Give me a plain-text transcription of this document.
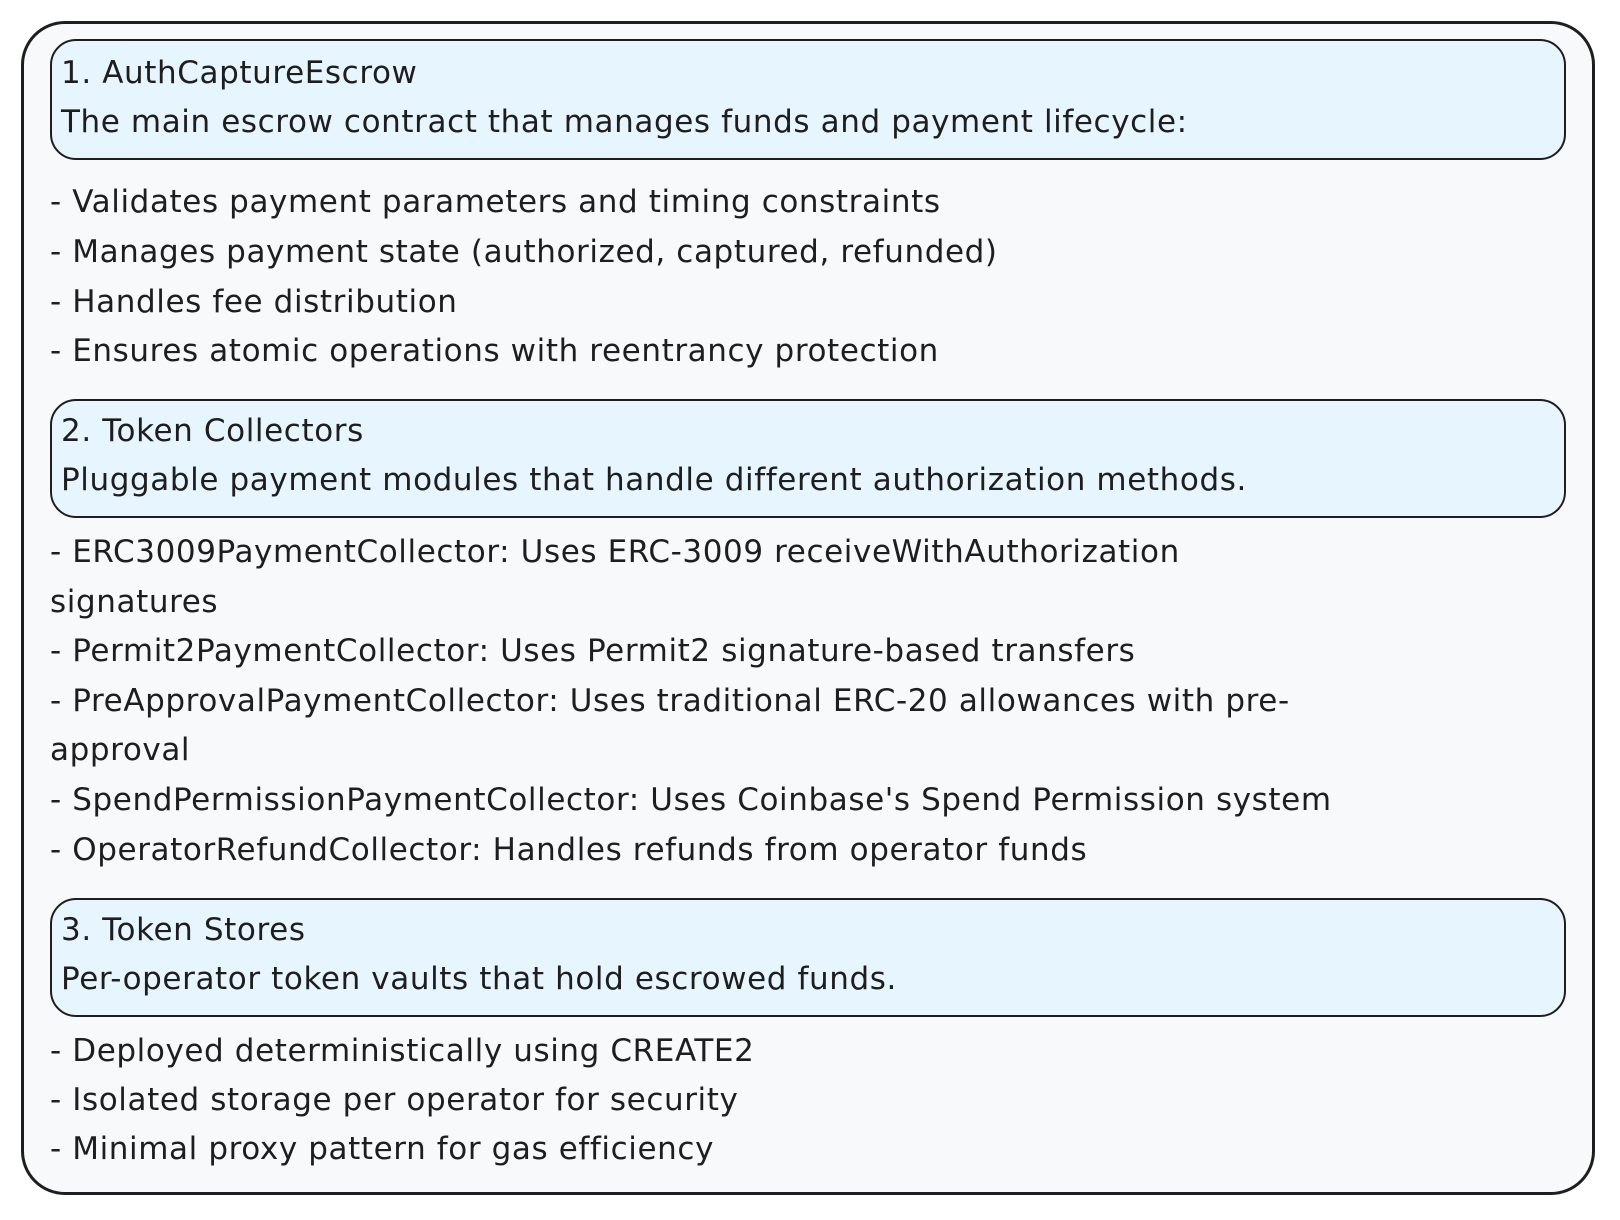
1. AuthCaptureEscrow
The main escrow contract that manages funds and payment lifecycle:
- Validates payment parameters and timing constraints
- Manages payment state (authorized, captured, refunded)
- Handles fee distribution
- Ensures atomic operations with reentrancy protection
2. Token Collectors
Pluggable payment modules that handle different authorization methods.
- ERC3009PaymentCollector: Uses ERC-3009 receiveWithAuthorization
signatures
- Permit2PaymentCollector: Uses Permit2 signature-based transfers
- PreApprovalPaymentCollector: Uses traditional ERC-20 allowances with pre-
approval
- SpendPermissionPaymentCollector: Uses Coinbase's Spend Permission system
- OperatorRefundCollector: Handles refunds from operator funds
3. Token Stores
Per-operator token vaults that hold escrowed funds.
- Deployed deterministically using CREATE2
- Isolated storage per operator for security
- Minimal proxy pattern for gas efficiency
